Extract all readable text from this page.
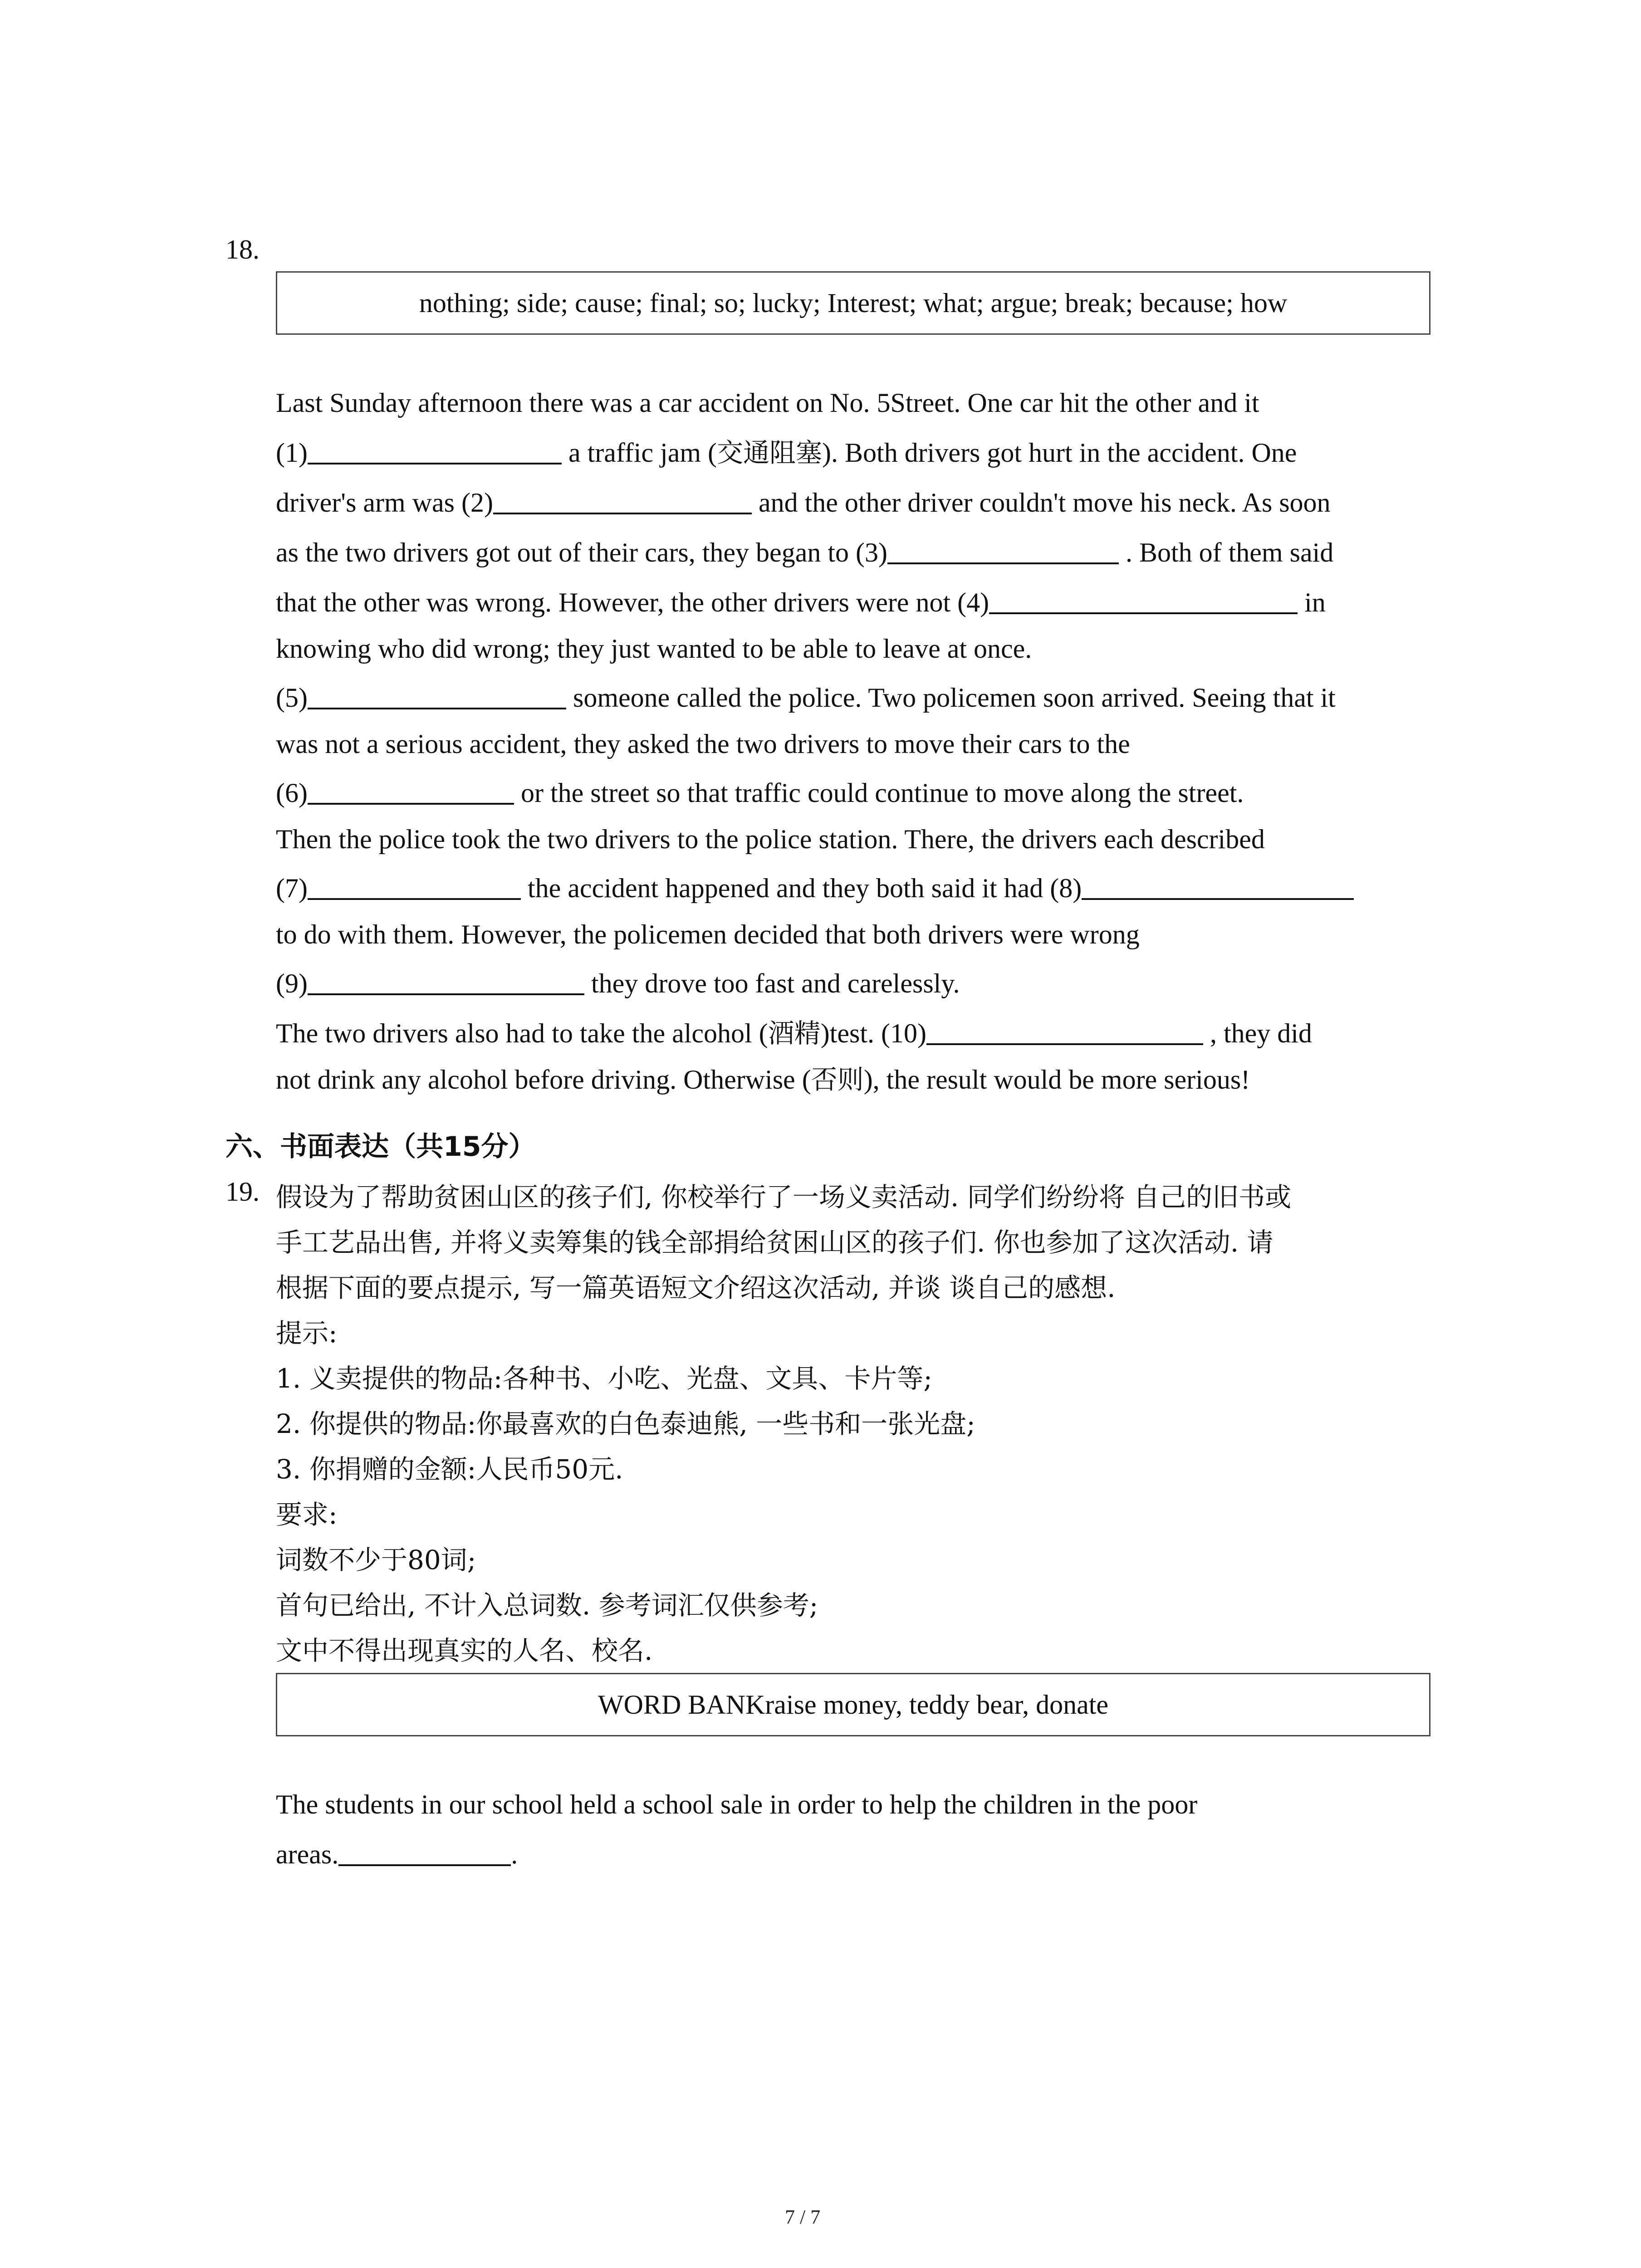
18.
nothing; side; cause; final; so; lucky; Interest; what; argue; break; because; how
Last Sunday afternoon there was a car accident on No. 5Street. One car hit the other and it
(1)	a traffic jam (交通阻塞). Both drivers got hurt in the accident. One
driver's arm was (2)	and the other driver couldn't move his neck. As soon
as the two drivers got out of their cars, they began to (3)	. Both of them said
that the other was wrong. However, the other drivers were not (4)	in
knowing who did wrong; they just wanted to be able to leave at once.
(5)	someone called the police. Two policemen soon arrived. Seeing that it
was not a serious accident, they asked the two drivers to move their cars to the
(6)	or the street so that traffic could continue to move along the street.
Then the police took the two drivers to the police station. There, the drivers each described
(7)	the accident happened and they both said it had (8)
to do with them. However, the policemen decided that both drivers were wrong
(9)	they drove too fast and carelessly.
The two drivers also had to take the alcohol (酒精)test. (10)	, they did
not drink any alcohol before driving. Otherwise (否则), the result would be more serious!
六、书面表达（共15分）
19. 假设为了帮助贫困山区的孩子们, 你校举行了一场义卖活动. 同学们纷纷将 自己的旧书或
手工艺品出售, 并将义卖筹集的钱全部捐给贫困山区的孩子们. 你也参加了这次活动. 请
根据下面的要点提示, 写一篇英语短文介绍这次活动, 并谈 谈自己的感想.
提示:
1. 义卖提供的物品:各种书、小吃、光盘、文具、卡片等;
2. 你提供的物品:你最喜欢的白色泰迪熊, 一些书和一张光盘;
3. 你捐赠的金额:人民币50元.
要求:
词数不少于80词;
首句已给出, 不计入总词数. 参考词汇仅供参考;
文中不得出现真实的人名、校名.
WORD BANKraise money, teddy bear, donate
The students in our school held a school sale in order to help the children in the poor
areas.	.
7 / 7
